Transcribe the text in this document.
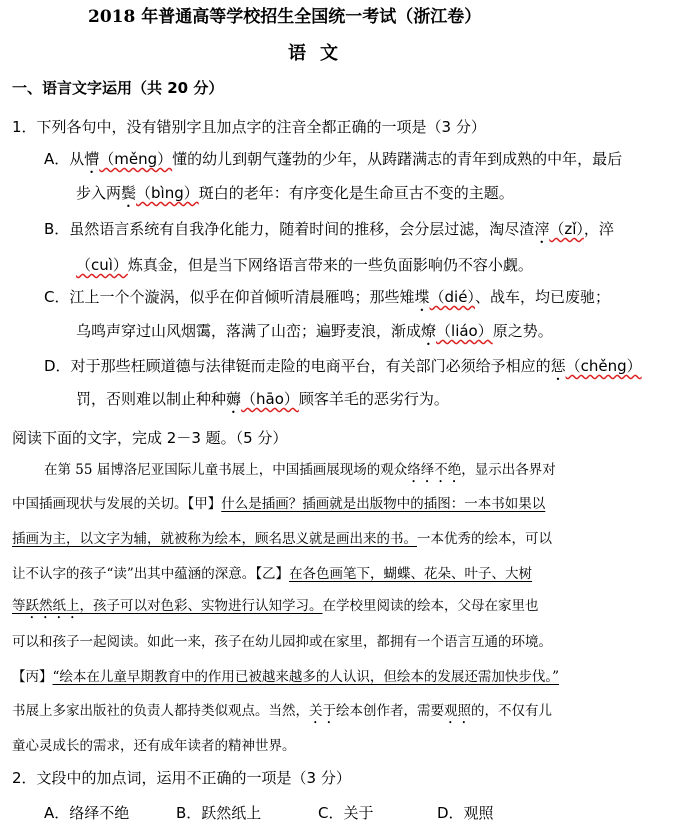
2018 年普通高等学校招生全国统一考试（浙江卷）
语文
一、语言文字运用（共 20 分）
1．下列各句中，没有错别字且加点字的注音全都正确的一项是（3 分）
A．从懵（měng）懂的幼儿到朝气蓬勃的少年，从踌躇满志的青年到成熟的中年，最后
步入两鬓（bìng）斑白的老年：有序变化是生命亘古不变的主题。
B．虽然语言系统有自我净化能力，随着时间的推移，会分层过滤，淘尽渣滓（zǐ），淬
（cuì）炼真金，但是当下网络语言带来的一些负面影响仍不容小觑。
C．江上一个个漩涡，似乎在仰首倾听清晨雁鸣；那些雉堞（dié）、战车，均已废驰；
乌鸣声穿过山风烟霭，落满了山峦；遍野麦浪，渐成燎（liáo）原之势。
D．对于那些枉顾道德与法律铤而走险的电商平台，有关部门必须给予相应的惩（chěng）
罚，否则难以制止种种薅（hāo）顾客羊毛的恶劣行为。
阅读下面的文字，完成 2－3 题。（5 分）
在第 55 届博洛尼亚国际儿童书展上，中国插画展现场的观众络绎不绝，显示出各界对
中国插画现状与发展的关切。【甲】什么是插画？插画就是出版物中的插图：一本书如果以
插画为主，以文字为辅，就被称为绘本，顾名思义就是画出来的书。一本优秀的绘本，可以
让不认字的孩子“读”出其中蕴涵的深意。【乙】在各色画笔下，蝴蝶、花朵、叶子、大树
等跃然纸上，孩子可以对色彩、实物进行认知学习。在学校里阅读的绘本，父母在家里也
可以和孩子一起阅读。如此一来，孩子在幼儿园抑或在家里，都拥有一个语言互通的环境。
【丙】“绘本在儿童早期教育中的作用已被越来越多的人认识，但绘本的发展还需加快步伐。”
书展上多家出版社的负责人都持类似观点。当然，关于绘本创作者，需要观照的，不仅有儿
童心灵成长的需求，还有成年读者的精神世界。
2．文段中的加点词，运用不正确的一项是（3 分）
A．络绎不绝	B．跃然纸上	C．关于	D．观照
